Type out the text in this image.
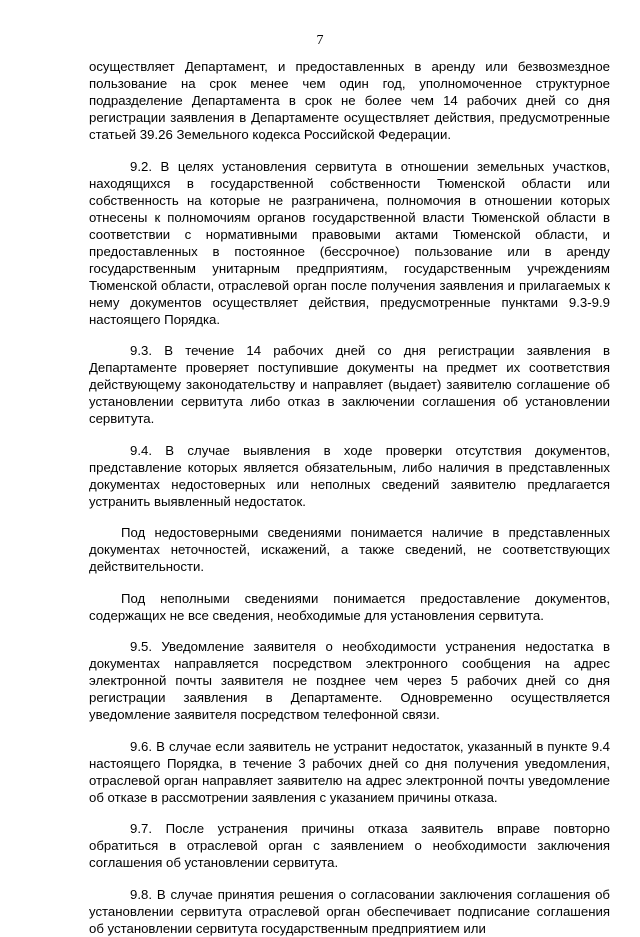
7

осуществляет Департамент, и предоставленных в аренду или безвозмездное пользование на срок менее чем один год, уполномоченное структурное подразделение Департамента в срок не более чем 14 рабочих дней со дня регистрации заявления в Департаменте осуществляет действия, предусмотренные статьей 39.26 Земельного кодекса Российской Федерации.

9.2. В целях установления сервитута в отношении земельных участков, находящихся в государственной собственности Тюменской области или собственность на которые не разграничена, полномочия в отношении которых отнесены к полномочиям органов государственной власти Тюменской области в соответствии с нормативными правовыми актами Тюменской области, и предоставленных в постоянное (бессрочное) пользование или в аренду государственным унитарным предприятиям, государственным учреждениям Тюменской области, отраслевой орган после получения заявления и прилагаемых к нему документов осуществляет действия, предусмотренные пунктами 9.3-9.9 настоящего Порядка.

9.3. В течение 14 рабочих дней со дня регистрации заявления в Департаменте проверяет поступившие документы на предмет их соответствия действующему законодательству и направляет (выдает) заявителю соглашение об установлении сервитута либо отказ в заключении соглашения об установлении сервитута.

9.4. В случае выявления в ходе проверки отсутствия документов, представление которых является обязательным, либо наличия в представленных документах недостоверных или неполных сведений заявителю предлагается устранить выявленный недостаток.

Под недостоверными сведениями понимается наличие в представленных документах неточностей, искажений, а также сведений, не соответствующих действительности.

Под неполными сведениями понимается предоставление документов, содержащих не все сведения, необходимые для установления сервитута.

9.5. Уведомление заявителя о необходимости устранения недостатка в документах направляется посредством электронного сообщения на адрес электронной почты заявителя не позднее чем через 5 рабочих дней со дня регистрации заявления в Департаменте. Одновременно осуществляется уведомление заявителя посредством телефонной связи.

9.6. В случае если заявитель не устранит недостаток, указанный в пункте 9.4 настоящего Порядка, в течение 3 рабочих дней со дня получения уведомления, отраслевой орган направляет заявителю на адрес электронной почты уведомление об отказе в рассмотрении заявления с указанием причины отказа.

9.7. После устранения причины отказа заявитель вправе повторно обратиться в отраслевой орган с заявлением о необходимости заключения соглашения об установлении сервитута.

9.8. В случае принятия решения о согласовании заключения соглашения об установлении сервитута отраслевой орган обеспечивает подписание соглашения об установлении сервитута государственным предприятием или
